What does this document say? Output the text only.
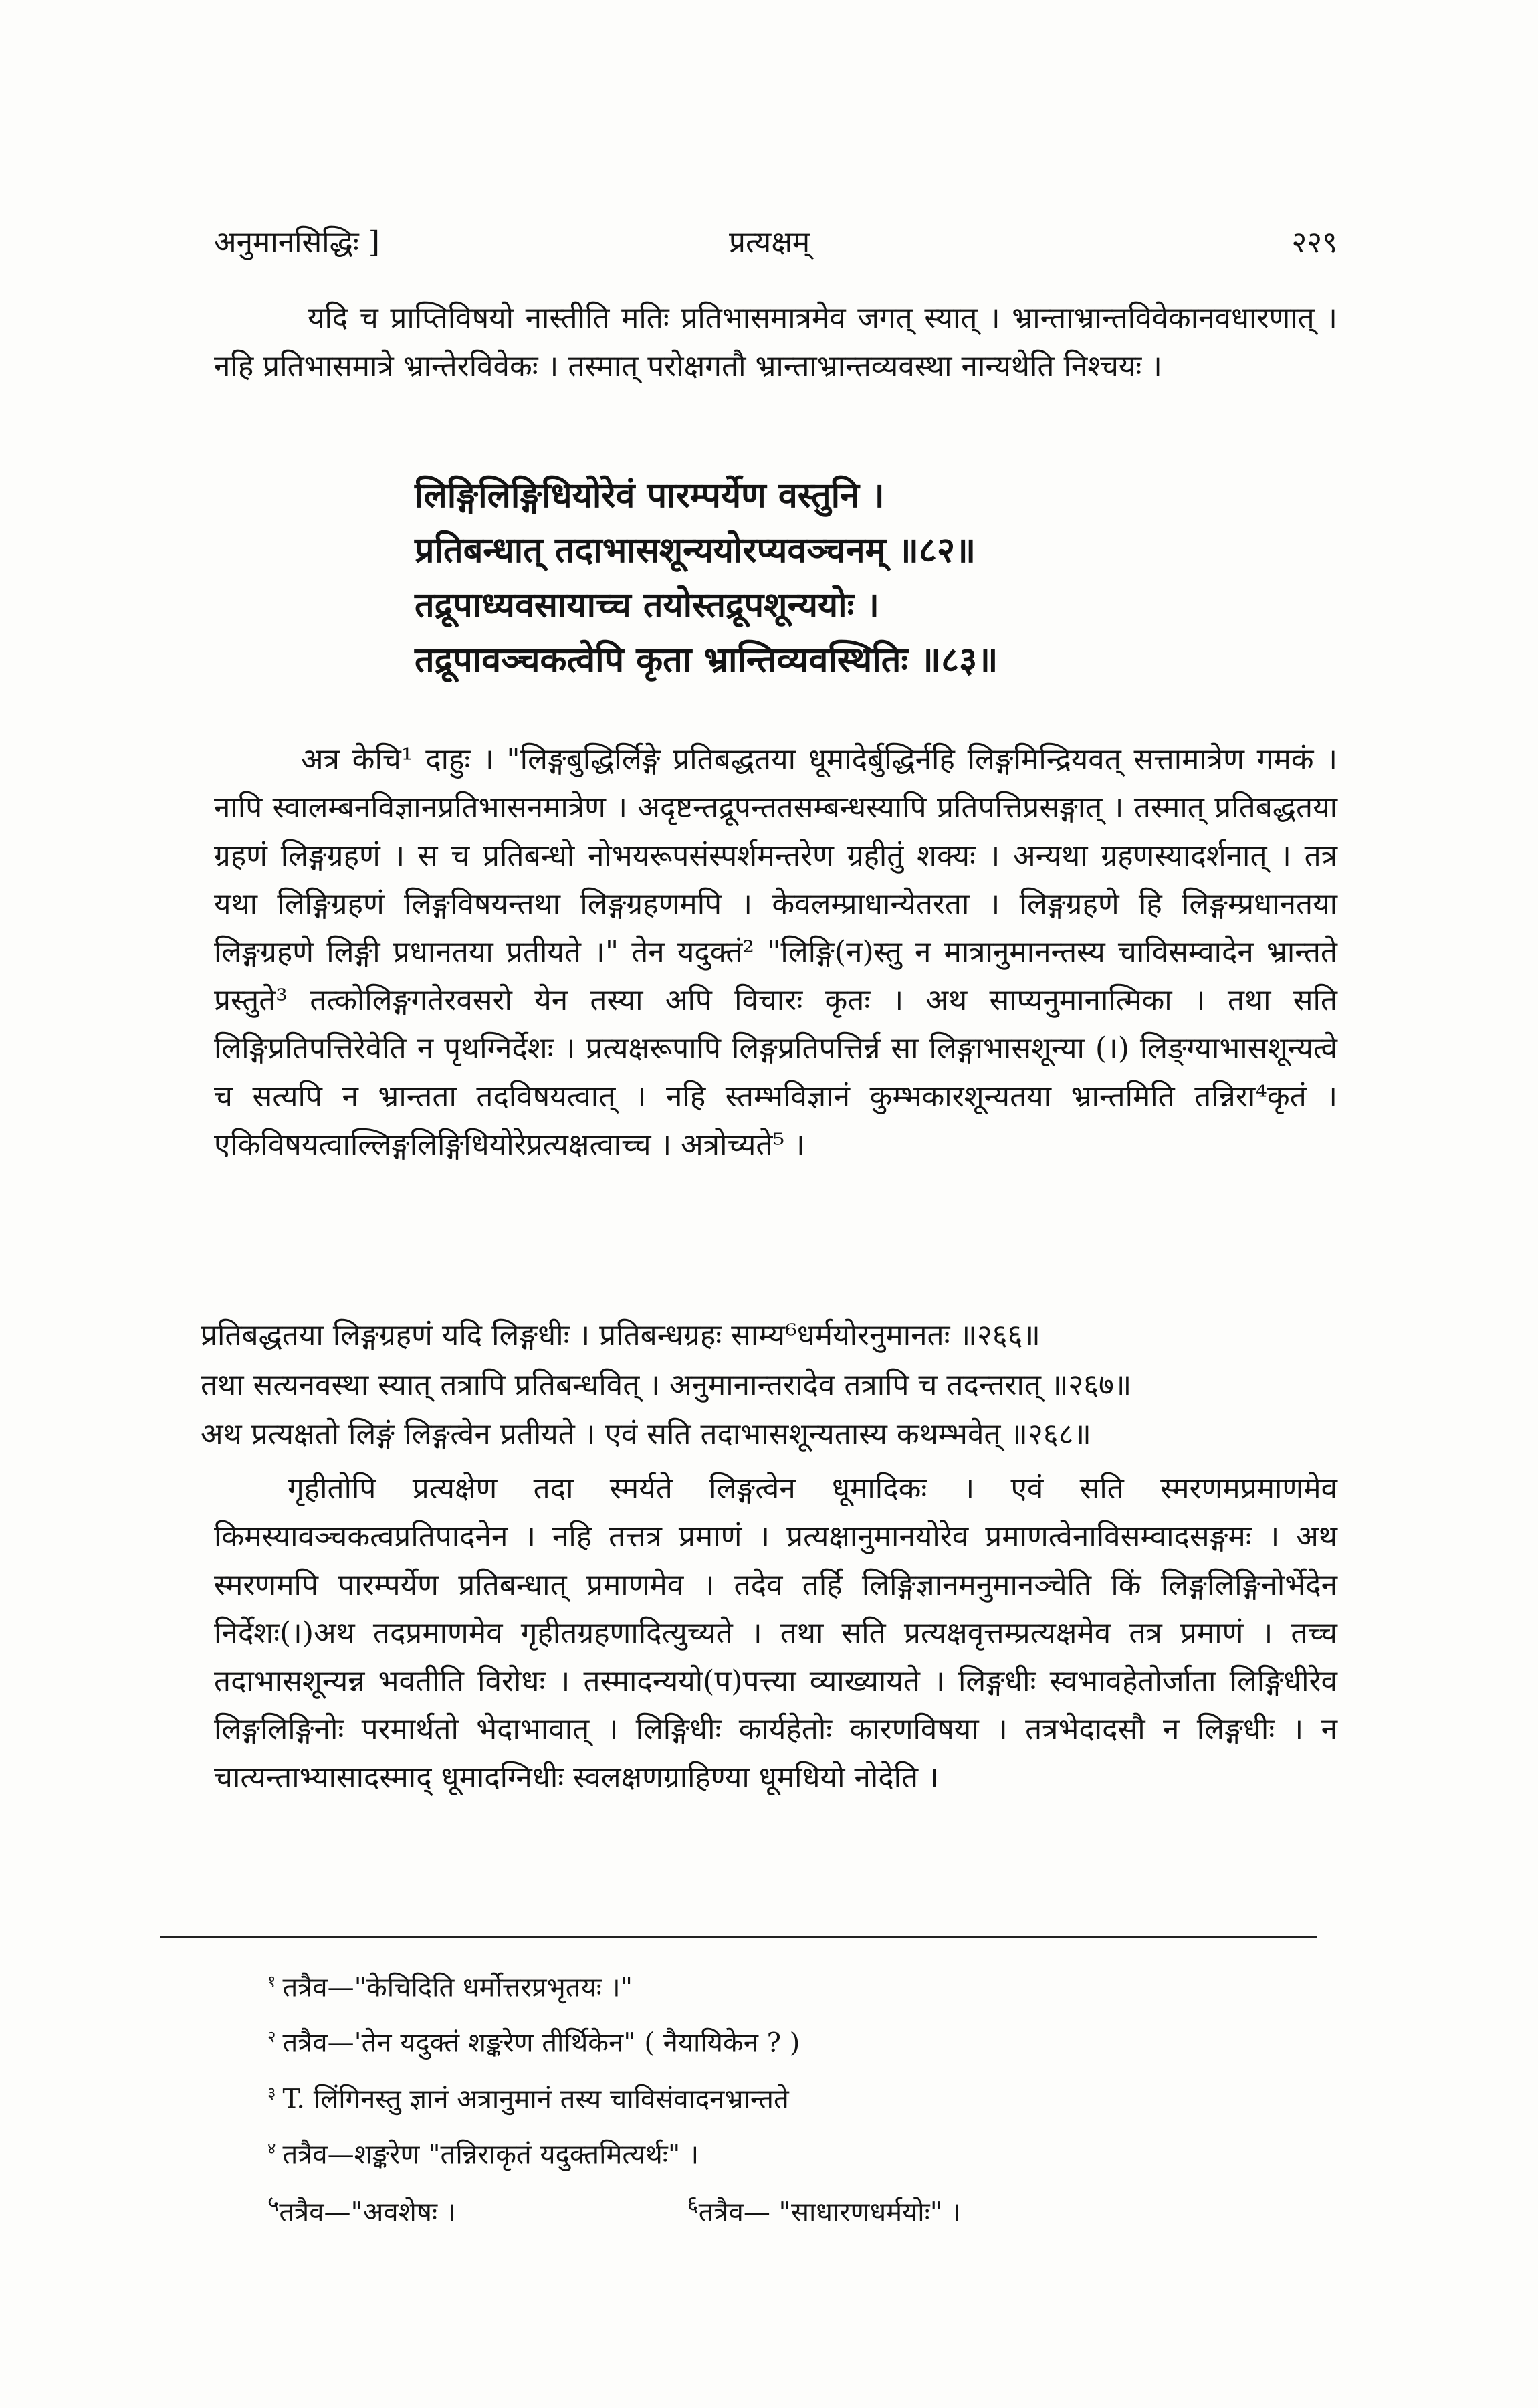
अनुमानसिद्धिः ]	प्रत्यक्षम्	२२९
यदि च प्राप्तिविषयो नास्तीति मतिः प्रतिभासमात्रमेव जगत् स्यात् । भ्रान्ताभ्रान्तविवेकानवधारणात् । नहि प्रतिभासमात्रे भ्रान्तेरविवेकः । तस्मात् परोक्षगतौ भ्रान्ताभ्रान्तव्यवस्था नान्यथेति निश्चयः ।
लिङ्गिलिङ्गिधियोरेवं पारम्पर्येण वस्तुनि ।
प्रतिबन्धात् तदाभासशून्ययोरप्यवञ्चनम् ॥८२॥
तद्रूपाध्यवसायाच्च तयोस्तद्रूपशून्ययोः ।
तद्रूपावञ्चकत्वेपि कृता भ्रान्तिव्यवस्थितिः ॥८३॥
अत्र केचि¹ दाहुः । "लिङ्गबुद्धिर्लिङ्गे प्रतिबद्धतया धूमादेर्बुद्धिर्नहि लिङ्गमिन्द्रियवत् सत्तामात्रेण गमकं । नापि स्वालम्बनविज्ञानप्रतिभासनमात्रेण । अदृष्टन्तद्रूपन्ततसम्बन्धस्यापि प्रतिपत्तिप्रसङ्गात् । तस्मात् प्रतिबद्धतया ग्रहणं लिङ्गग्रहणं । स च प्रतिबन्धो नोभयरूपसंस्पर्शमन्तरेण ग्रहीतुं शक्यः । अन्यथा ग्रहणस्यादर्शनात् । तत्र यथा लिङ्गिग्रहणं लिङ्गविषयन्तथा लिङ्गग्रहणमपि । केवलम्प्राधान्येतरता । लिङ्गग्रहणे हि लिङ्गम्प्रधानतया लिङ्गग्रहणे लिङ्गी प्रधानतया प्रतीयते ।" तेन यदुक्तं² "लिङ्गि(न)स्तु न मात्रानुमानन्तस्य चाविसम्वादेन भ्रान्तते प्रस्तुते³ तत्कोलिङ्गगतेरवसरो येन तस्या अपि विचारः कृतः । अथ साप्यनुमानात्मिका । तथा सति लिङ्गिप्रतिपत्तिरेवेति न पृथग्निर्देशः । प्रत्यक्षरूपापि लिङ्गप्रतिपत्तिर्न्न सा लिङ्गाभासशून्या (।) लिङ्ग्याभासशून्यत्वे च सत्यपि न भ्रान्तता तदविषयत्वात् । नहि स्तम्भविज्ञानं कुम्भकारशून्यतया भ्रान्तमिति तन्निरा⁴कृतं । एकिविषयत्वाल्लिङ्गलिङ्गिधियोरेप्रत्यक्षत्वाच्च । अत्रोच्यते⁵ ।
प्रतिबद्धतया लिङ्गग्रहणं यदि लिङ्गधीः । प्रतिबन्धग्रहः साम्य⁶धर्मयोरनुमानतः ॥२६६॥
तथा सत्यनवस्था स्यात् तत्रापि प्रतिबन्धवित् । अनुमानान्तरादेव तत्रापि च तदन्तरात् ॥२६७॥
अथ प्रत्यक्षतो लिङ्गं लिङ्गत्वेन प्रतीयते । एवं सति तदाभासशून्यतास्य कथम्भवेत् ॥२६८॥
गृहीतोपि प्रत्यक्षेण तदा स्मर्यते लिङ्गत्वेन धूमादिकः । एवं सति स्मरणमप्रमाणमेव किमस्यावञ्चकत्वप्रतिपादनेन । नहि तत्तत्र प्रमाणं । प्रत्यक्षानुमानयोरेव प्रमाणत्वेनाविसम्वादसङ्गमः । अथ स्मरणमपि पारम्पर्येण प्रतिबन्धात् प्रमाणमेव । तदेव तर्हि लिङ्गिज्ञानमनुमानञ्चेति किं लिङ्गलिङ्गिनोर्भेदेन निर्देशः(।)अथ तदप्रमाणमेव गृहीतग्रहणादित्युच्यते । तथा सति प्रत्यक्षवृत्तम्प्रत्यक्षमेव तत्र प्रमाणं । तच्च तदाभासशून्यन्न भवतीति विरोधः । तस्मादन्ययो(प)पत्त्या व्याख्यायते । लिङ्गधीः स्वभावहेतोर्जाता लिङ्गिधीरेव लिङ्गलिङ्गिनोः परमार्थतो भेदाभावात् । लिङ्गिधीः कार्यहेतोः कारणविषया । तत्रभेदादसौ न लिङ्गधीः । न चात्यन्ताभ्यासादस्माद् धूमादग्निधीः स्वलक्षणग्राहिण्या धूमधियो नोदेति ।
$^१$ तत्रैव—"केचिदिति धर्मोत्तरप्रभृतयः ।"
$^२$ तत्रैव—'तेन यदुक्तं शङ्करेण तीर्थिकेन" ( नैयायिकेन ? )
$^३$ T. लिंगिनस्तु ज्ञानं अत्रानुमानं तस्य चाविसंवादनभ्रान्तते
$^४$ तत्रैव—शङ्करेण "तन्निराकृतं यदुक्तमित्यर्थः" ।
$^५$तत्रैव—"अवशेषः ।	$^६$तत्रैव— "साधारणधर्मयोः" ।
